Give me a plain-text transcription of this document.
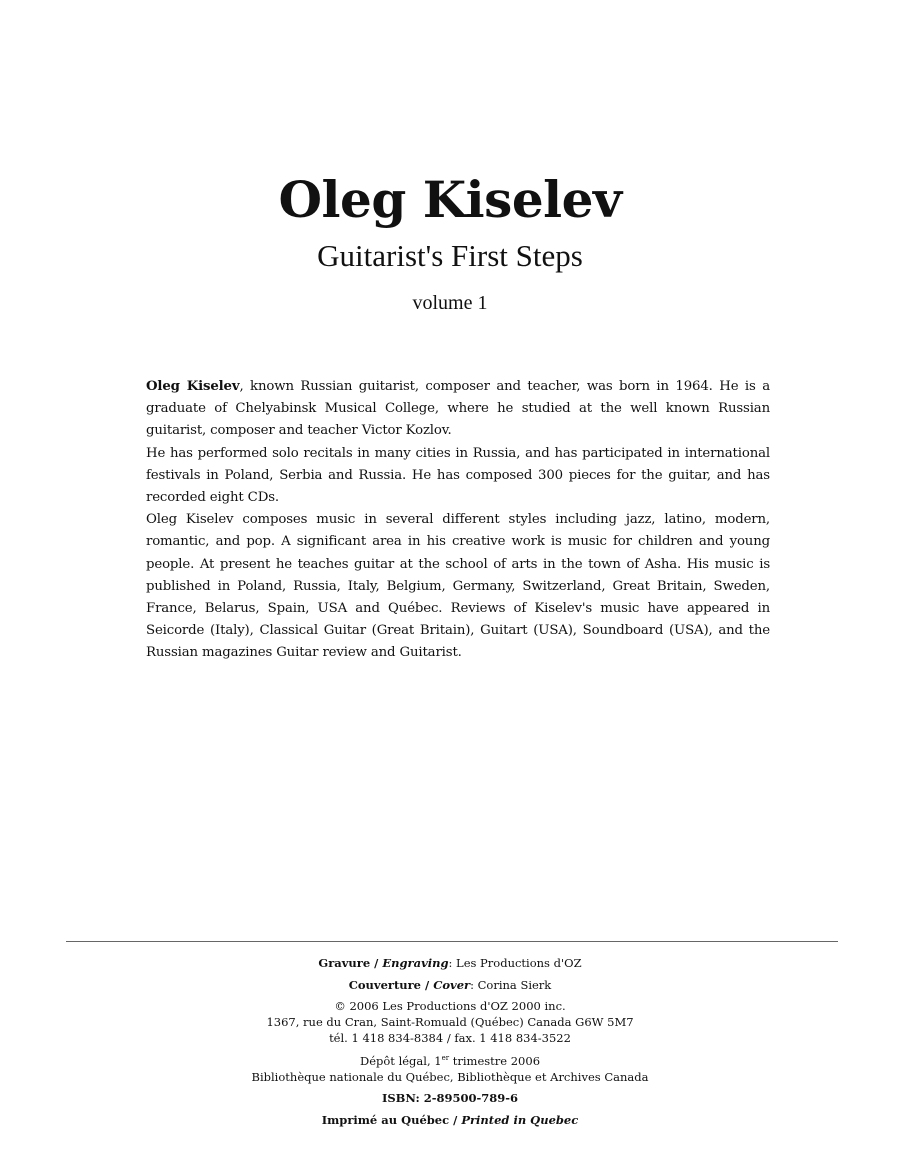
Oleg Kiselev
Guitarist's First Steps
volume 1

Oleg Kiselev, known Russian guitarist, composer and teacher, was born in 1964. He is a graduate of Chelyabinsk Musical College, where he studied at the well known Russian guitarist, composer and teacher Victor Kozlov.

He has performed solo recitals in many cities in Russia, and has participated in international festivals in Poland, Serbia and Russia. He has composed 300 pieces for the guitar, and has recorded eight CDs.

Oleg Kiselev composes music in several different styles including jazz, latino, modern, romantic, and pop. A significant area in his creative work is music for children and young people. At present he teaches guitar at the school of arts in the town of Asha. His music is published in Poland, Russia, Italy, Belgium, Germany, Switzerland, Great Britain, Sweden, France, Belarus, Spain, USA and Québec. Reviews of Kiselev's music have appeared in Seicorde (Italy), Classical Guitar (Great Britain), Guitart (USA), Soundboard (USA), and the Russian magazines Guitar review and Guitarist.

Gravure / Engraving: Les Productions d'OZ
Couverture / Cover: Corina Sierk
© 2006 Les Productions d'OZ 2000 inc.
1367, rue du Cran, Saint-Romuald (Québec) Canada G6W 5M7
tél. 1 418 834-8384 / fax. 1 418 834-3522
Dépôt légal, 1er trimestre 2006
Bibliothèque nationale du Québec, Bibliothèque et Archives Canada
ISBN: 2-89500-789-6
Imprimé au Québec / Printed in Quebec
